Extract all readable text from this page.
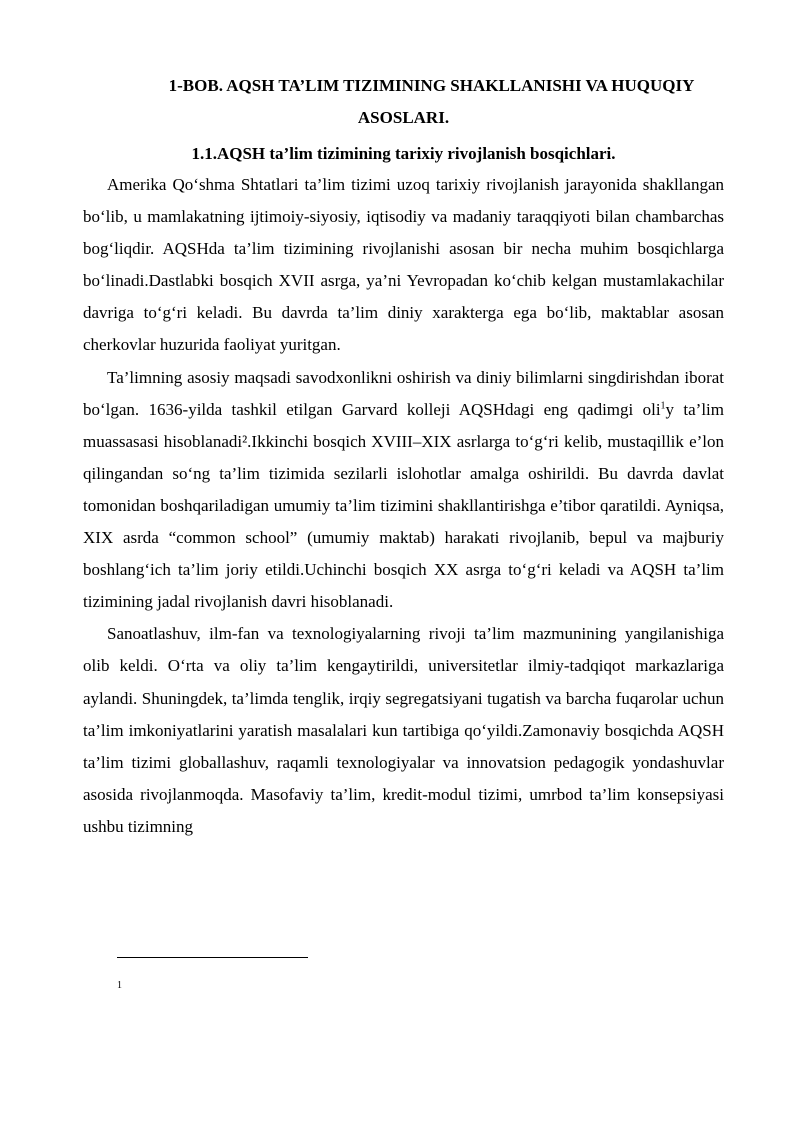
1-BOB. AQSH TA’LIM TIZIMINING SHAKLLANISHI VA HUQUQIY
ASOSLARI.
1.1.AQSH ta’lim tizimining tarixiy rivojlanish bosqichlari.

Amerika Qo‘shma Shtatlari ta’lim tizimi uzoq tarixiy rivojlanish jarayonida shakllangan bo‘lib, u mamlakatning ijtimoiy-siyosiy, iqtisodiy va madaniy taraqqiyoti bilan chambarchas bog‘liqdir. AQSHda ta’lim tizimining rivojlanishi asosan bir necha muhim bosqichlarga bo‘linadi.Dastlabki bosqich XVII asrga, ya’ni Yevropadan ko‘chib kelgan mustamlakachilar davriga to‘g‘ri keladi. Bu davrda ta’lim diniy xarakterga ega bo‘lib, maktablar asosan cherkovlar huzurida faoliyat yuritgan.

Ta’limning asosiy maqsadi savodxonlikni oshirish va diniy bilimlarni singdirishdan iborat bo‘lgan. 1636-yilda tashkil etilgan Garvard kolleji AQSHdagi eng qadimgi oli$^1$y ta’lim muassasasi hisoblanadi².Ikkinchi bosqich XVIII–XIX asrlarga to‘g‘ri kelib, mustaqillik e’lon qilingandan so‘ng ta’lim tizimida sezilarli islohotlar amalga oshirildi. Bu davrda davlat tomonidan boshqariladigan umumiy ta’lim tizimini shakllantirishga e’tibor qaratildi. Ayniqsa, XIX asrda “common school” (umumiy maktab) harakati rivojlanib, bepul va majburiy boshlang‘ich ta’lim joriy etildi.Uchinchi bosqich XX asrga to‘g‘ri keladi va AQSH ta’lim tizimining jadal rivojlanish davri hisoblanadi.

Sanoatlashuv, ilm-fan va texnologiyalarning rivoji ta’lim mazmunining yangilanishiga olib keldi. O‘rta va oliy ta’lim kengaytirildi, universitetlar ilmiy-tadqiqot markazlariga aylandi. Shuningdek, ta’limda tenglik, irqiy segregatsiyani tugatish va barcha fuqarolar uchun ta’lim imkoniyatlarini yaratish masalalari kun tartibiga qo‘yildi.Zamonaviy bosqichda AQSH ta’lim tizimi globallashuv, raqamli texnologiyalar va innovatsion pedagogik yondashuvlar asosida rivojlanmoqda. Masofaviy ta’lim, kredit-modul tizimi, umrbod ta’lim konsepsiyasi ushbu tizimning

1
